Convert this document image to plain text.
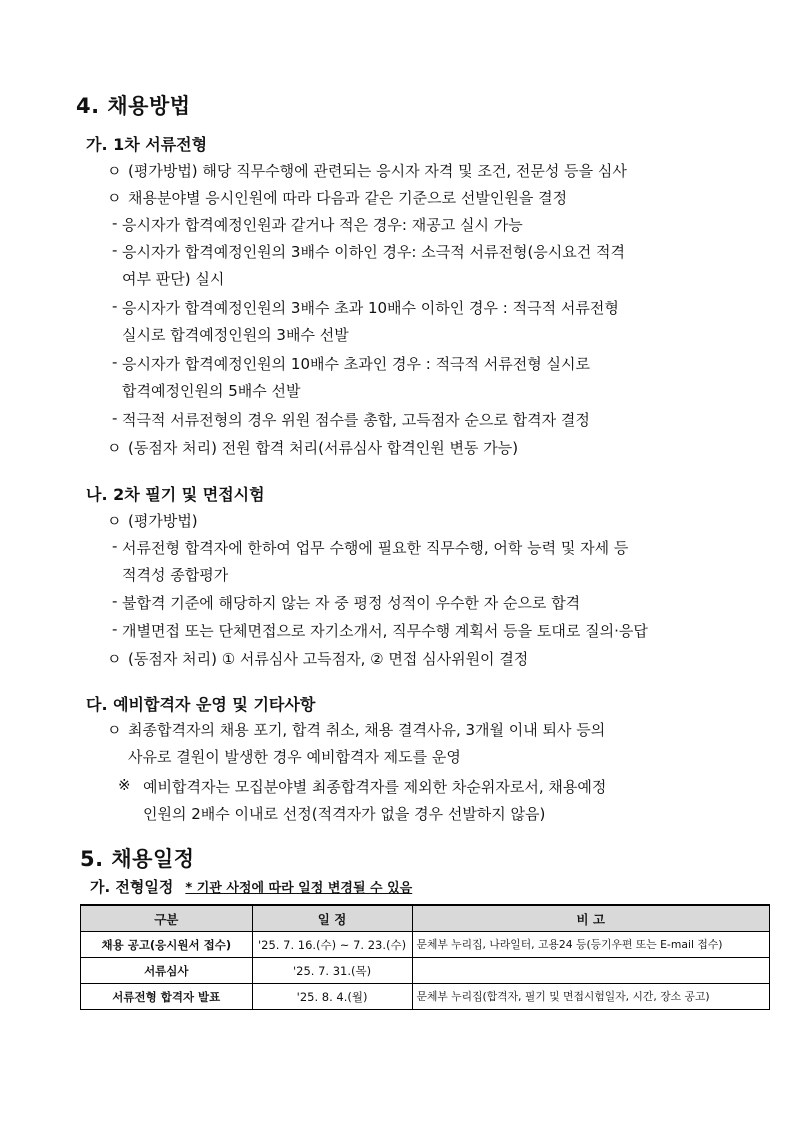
4. 채용방법
가. 1차 서류전형
ㅇ (평가방법) 해당 직무수행에 관련되는 응시자 자격 및 조건, 전문성 등을 심사
ㅇ 채용분야별 응시인원에 따라 다음과 같은 기준으로 선발인원을 결정
- 응시자가 합격예정인원과 같거나 적은 경우: 재공고 실시 가능
- 응시자가 합격예정인원의 3배수 이하인 경우: 소극적 서류전형(응시요건 적격
여부 판단) 실시
- 응시자가 합격예정인원의 3배수 초과 10배수 이하인 경우 : 적극적 서류전형
실시로 합격예정인원의 3배수 선발
- 응시자가 합격예정인원의 10배수 초과인 경우 : 적극적 서류전형 실시로
합격예정인원의 5배수 선발
- 적극적 서류전형의 경우 위원 점수를 총합, 고득점자 순으로 합격자 결정
ㅇ (동점자 처리) 전원 합격 처리(서류심사 합격인원 변동 가능)
나. 2차 필기 및 면접시험
ㅇ (평가방법)
- 서류전형 합격자에 한하여 업무 수행에 필요한 직무수행, 어학 능력 및 자세 등
적격성 종합평가
- 불합격 기준에 해당하지 않는 자 중 평정 성적이 우수한 자 순으로 합격
- 개별면접 또는 단체면접으로 자기소개서, 직무수행 계획서 등을 토대로 질의·응답
ㅇ (동점자 처리) ① 서류심사 고득점자, ② 면접 심사위원이 결정
다. 예비합격자 운영 및 기타사항
ㅇ 최종합격자의 채용 포기, 합격 취소, 채용 결격사유, 3개월 이내 퇴사 등의
사유로 결원이 발생한 경우 예비합격자 제도를 운영
※ 예비합격자는 모집분야별 최종합격자를 제외한 차순위자로서, 채용예정
인원의 2배수 이내로 선정(적격자가 없을 경우 선발하지 않음)
5. 채용일정
가. 전형일정 * 기관 사정에 따라 일정 변경될 수 있음
구분	일 정	비 고
채용 공고(응시원서 접수)	'25. 7. 16.(수) ~ 7. 23.(수)	문체부 누리집, 나라일터, 고용24 등(등기우편 또는 E-mail 접수)
서류심사	'25. 7. 31.(목)	
서류전형 합격자 발표	'25. 8. 4.(월)	문체부 누리집(합격자, 필기 및 면접시험일자, 시간, 장소 공고)
